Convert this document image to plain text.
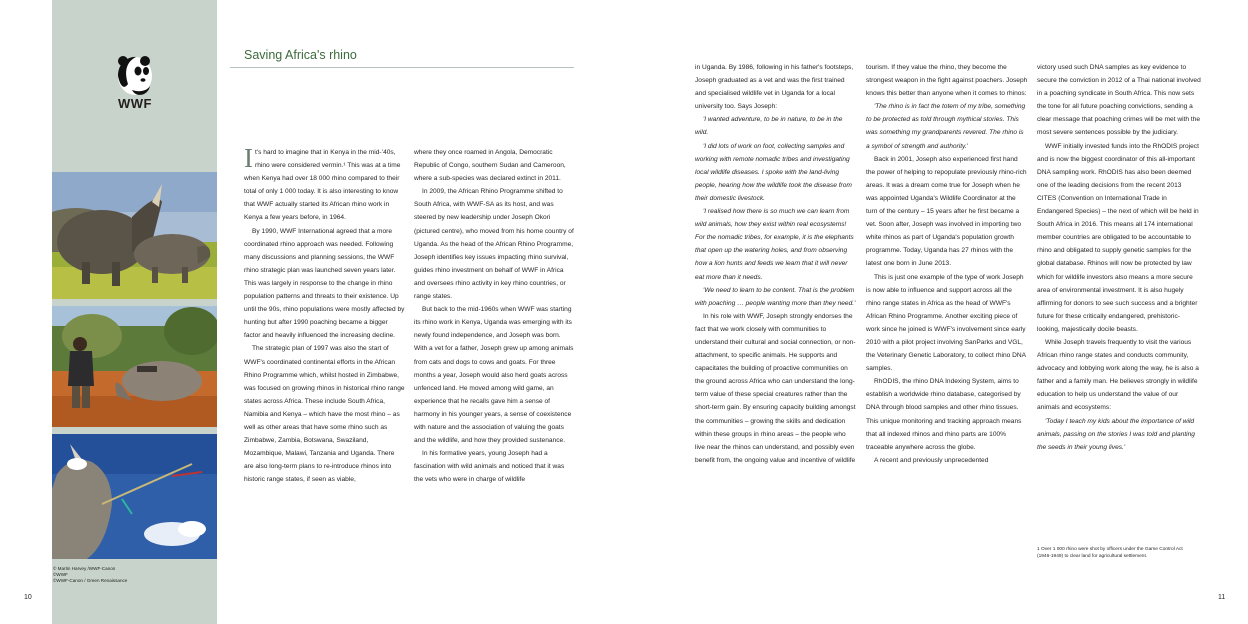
WWF
© Martin Harvey /WWF-Canon
©WWF
©WWF-Canon / Green Renaissance
10	11
Saving Africa's rhino

It's hard to imagine that in Kenya in the mid-’40s, rhino were considered vermin.¹ This was at a time when Kenya had over 18 000 rhino compared to their total of only 1 000 today. It is also interesting to know that WWF actually started its African rhino work in Kenya a few years before, in 1964.

By 1990, WWF International agreed that a more coordinated rhino approach was needed. Following many discussions and planning sessions, the WWF rhino strategic plan was launched seven years later. This was largely in response to the change in rhino population patterns and threats to their existence. Up until the 90s, rhino populations were mostly affected by hunting but after 1990 poaching became a bigger factor and heavily influenced the increasing decline.

The strategic plan of 1997 was also the start of WWF's coordinated continental efforts in the African Rhino Programme which, whilst hosted in Zimbabwe, was focused on growing rhinos in historical rhino range states across Africa. These include South Africa, Namibia and Kenya – which have the most rhino – as well as other areas that have some rhino such as Zimbabwe, Zambia, Botswana, Swaziland, Mozambique, Malawi, Tanzania and Uganda. There are also long-term plans to re-introduce rhinos into historic range states, if seen as viable,

where they once roamed in Angola, Democratic Republic of Congo, southern Sudan and Cameroon, where a sub-species was declared extinct in 2011.

In 2009, the African Rhino Programme shifted to South Africa, with WWF-SA as its host, and was steered by new leadership under Joseph Okori (pictured centre), who moved from his home country of Uganda. As the head of the African Rhino Programme, Joseph identifies key issues impacting rhino survival, guides rhino investment on behalf of WWF in Africa and oversees rhino activity in key rhino countries, or range states.

But back to the mid-1960s when WWF was starting its rhino work in Kenya, Uganda was emerging with its newly found independence, and Joseph was born. With a vet for a father, Joseph grew up among animals from cats and dogs to cows and goats. For three months a year, Joseph would also herd goats across unfenced land. He moved among wild game, an experience that he recalls gave him a sense of harmony in his younger years, a sense of coexistence with nature and the association of valuing the goats and the wildlife, and how they provided sustenance.

In his formative years, young Joseph had a fascination with wild animals and noticed that it was the vets who were in charge of wildlife

in Uganda. By 1986, following in his father's footsteps, Joseph graduated as a vet and was the first trained and specialised wildlife vet in Uganda for a local university too. Says Joseph:

'I wanted adventure, to be in nature, to be in the wild.

'I did lots of work on foot, collecting samples and working with remote nomadic tribes and investigating local wildlife diseases. I spoke with the land-living people, hearing how the wildlife took the disease from their domestic livestock.

'I realised how there is so much we can learn from wild animals, how they exist within real ecosystems! For the nomadic tribes, for example, it is the elephants that open up the watering holes, and from observing how a lion hunts and feeds we learn that it will never eat more than it needs.

'We need to learn to be content. That is the problem with poaching … people wanting more than they need.'

In his role with WWF, Joseph strongly endorses the fact that we work closely with communities to understand their cultural and social connection, or non-attachment, to specific animals. He supports and capacitates the building of proactive communities on the ground across Africa who can understand the long-term value of these special creatures rather than the short-term gain. By ensuring capacity building amongst the communities – growing the skills and dedication within these groups in rhino areas – the people who live near the rhinos can understand, and possibly even benefit from, the ongoing value and incentive of wildlife

tourism. If they value the rhino, they become the strongest weapon in the fight against poachers. Joseph knows this better than anyone when it comes to rhinos:

'The rhino is in fact the totem of my tribe, something to be protected as told through mythical stories. This was something my grandparents revered. The rhino is a symbol of strength and authority.'

Back in 2001, Joseph also experienced first hand the power of helping to repopulate previously rhino-rich areas. It was a dream come true for Joseph when he was appointed Uganda's Wildlife Coordinator at the turn of the century – 15 years after he first became a vet. Soon after, Joseph was involved in importing two white rhinos as part of Uganda's population growth programme. Today, Uganda has 27 rhinos with the latest one born in June 2013.

This is just one example of the type of work Joseph is now able to influence and support across all the rhino range states in Africa as the head of WWF's African Rhino Programme. Another exciting piece of work since he joined is WWF's involvement since early 2010 with a pilot project involving SanParks and VGL, the Veterinary Genetic Laboratory, to collect rhino DNA samples.

RhODIS, the rhino DNA Indexing System, aims to establish a worldwide rhino database, categorised by DNA through blood samples and other rhino tissues. This unique monitoring and tracking approach means that all indexed rhinos and rhino parts are 100% traceable anywhere across the globe.

A recent and previously unprecedented

victory used such DNA samples as key evidence to secure the conviction in 2012 of a Thai national involved in a poaching syndicate in South Africa. This now sets the tone for all future poaching convictions, sending a clear message that poaching crimes will be met with the most severe sentences possible by the judiciary.

WWF initially invested funds into the RhODIS project and is now the biggest coordinator of this all-important DNA sampling work. RhODIS has also been deemed one of the leading decisions from the recent 2013 CITES (Convention on International Trade in Endangered Species) – the next of which will be held in South Africa in 2016. This means all 174 international member countries are obligated to be accountable to rhino and obligated to supply genetic samples for the global database. Rhinos will now be protected by law which for wildlife investors also means a more secure area of environmental investment. It is also hugely affirming for donors to see such success and a brighter future for these critically endangered, prehistoric-looking, majestically docile beasts.

While Joseph travels frequently to visit the various African rhino range states and conducts community, advocacy and lobbying work along the way, he is also a father and a family man. He believes strongly in wildlife education to help us understand the value of our animals and ecosystems:

'Today I teach my kids about the importance of wild animals, passing on the stories I was told and planting the seeds in their young lives.'

1 Over 1 000 rhino were shot by officers under the Game Control Act (1946-1949) to clear land for agricultural settlement.
